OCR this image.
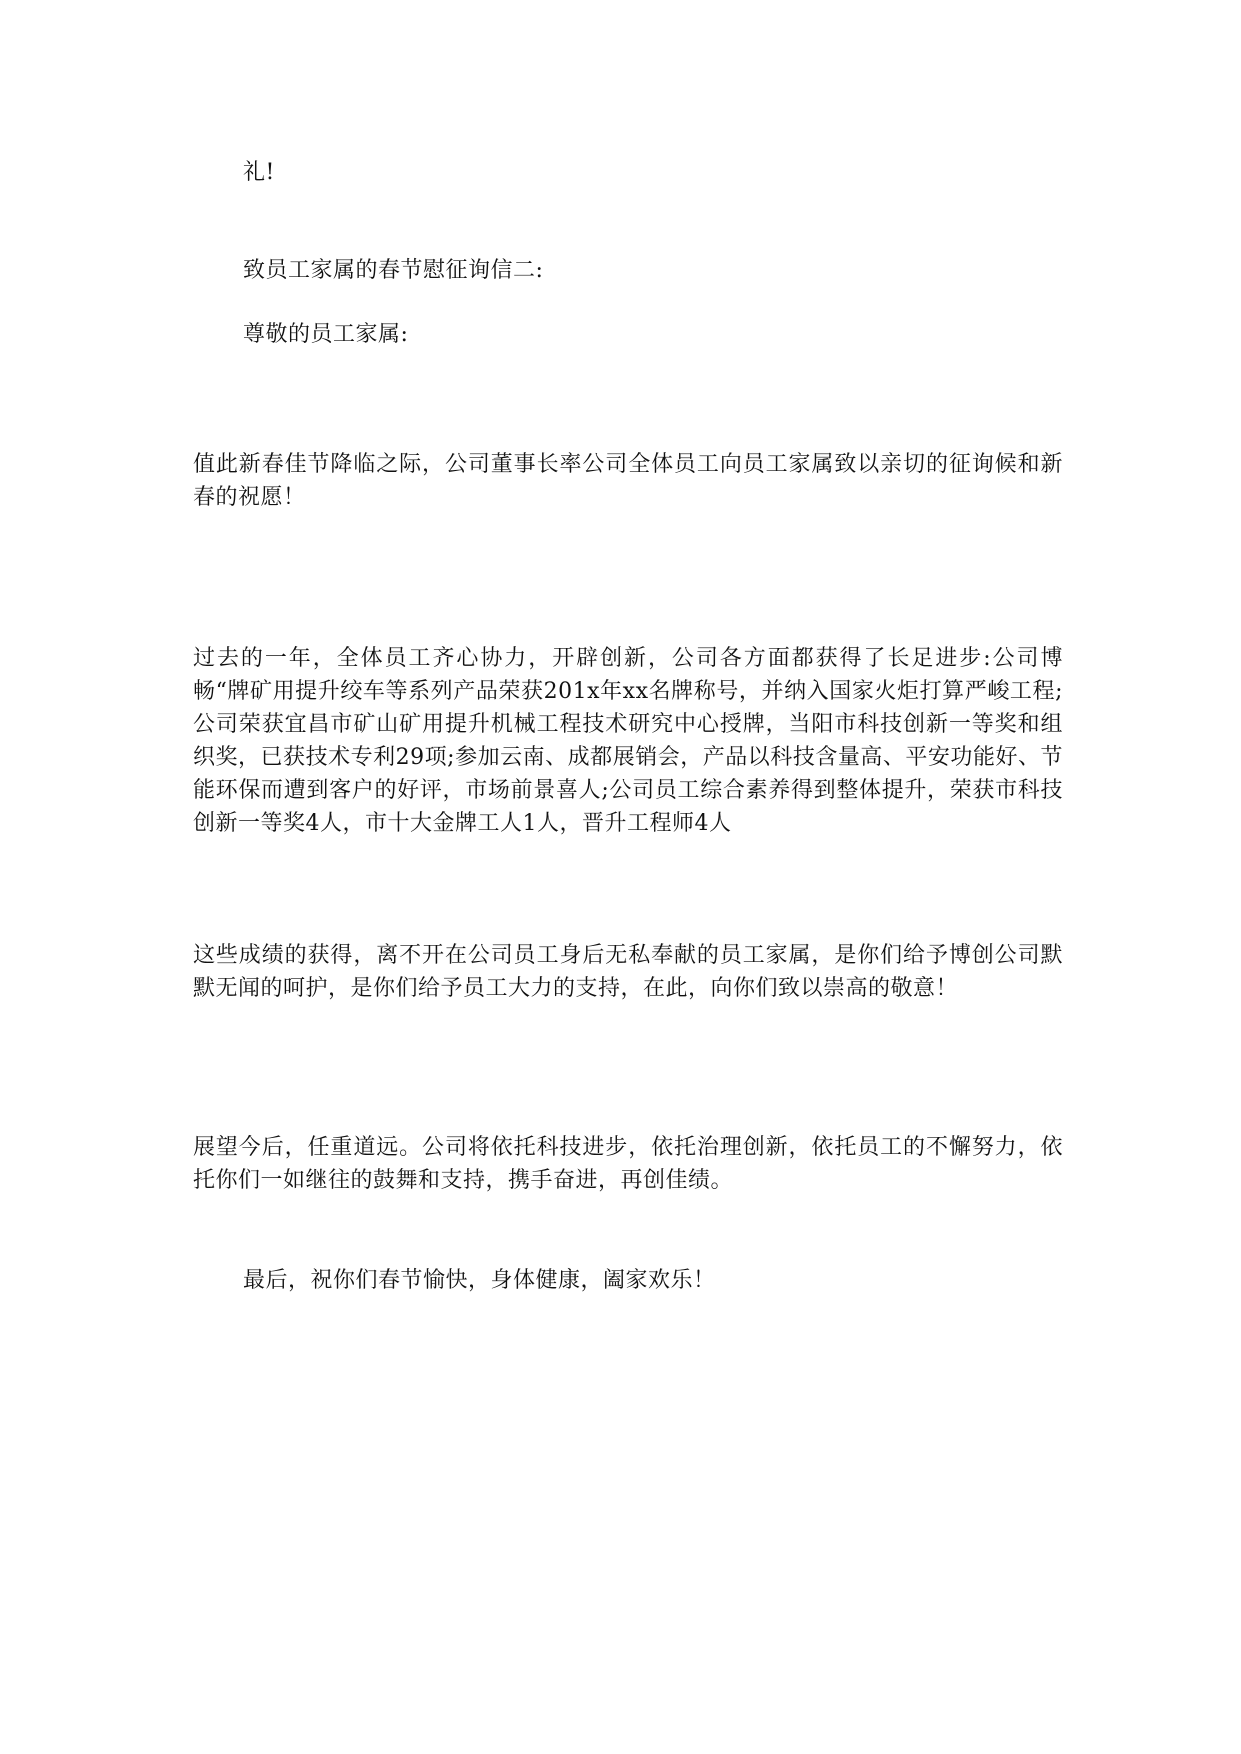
礼!

致员工家属的春节慰征询信二:

尊敬的员工家属:

值此新春佳节降临之际，公司董事长率公司全体员工向员工家属致以亲切的征询候和新春的祝愿！

过去的一年，全体员工齐心协力，开辟创新，公司各方面都获得了长足进步:公司博畅“牌矿用提升绞车等系列产品荣获201x年xx名牌称号，并纳入国家火炬打算严峻工程;公司荣获宜昌市矿山矿用提升机械工程技术研究中心授牌，当阳市科技创新一等奖和组织奖，已获技术专利29项;参加云南、成都展销会，产品以科技含量高、平安功能好、节能环保而遭到客户的好评，市场前景喜人;公司员工综合素养得到整体提升，荣获市科技创新一等奖4人，市十大金牌工人1人，晋升工程师4人

这些成绩的获得，离不开在公司员工身后无私奉献的员工家属，是你们给予博创公司默默无闻的呵护，是你们给予员工大力的支持，在此，向你们致以崇高的敬意！

展望今后，任重道远。公司将依托科技进步，依托治理创新，依托员工的不懈努力，依托你们一如继往的鼓舞和支持，携手奋进，再创佳绩。

最后，祝你们春节愉快，身体健康，阖家欢乐！
